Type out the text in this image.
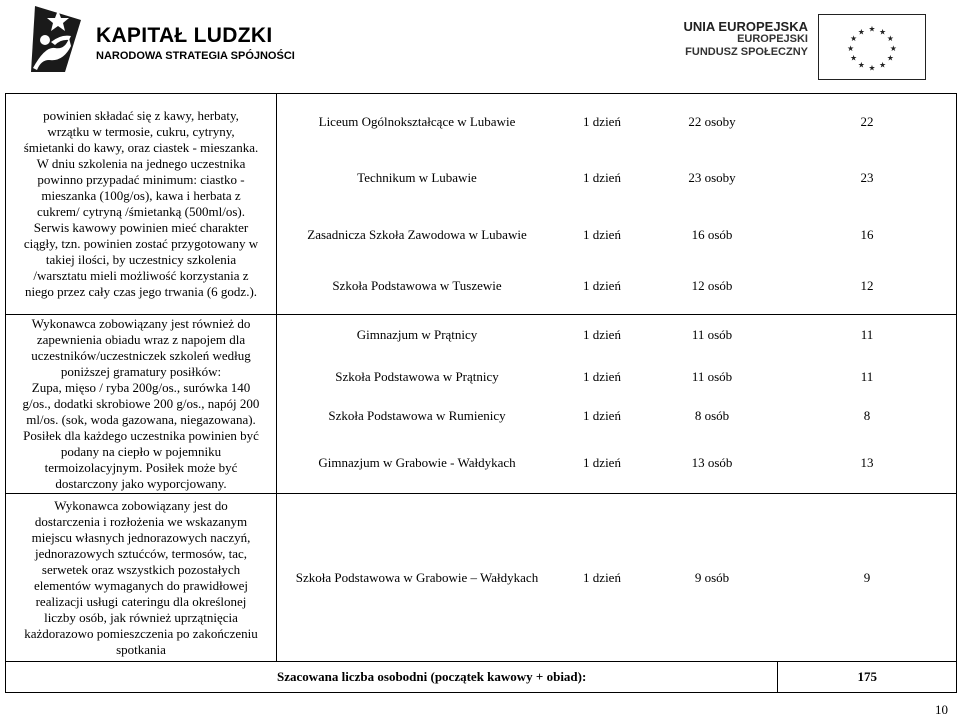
KAPITAŁ LUDZKI
NARODOWA STRATEGIA SPÓJNOŚCI
UNIA EUROPEJSKA
EUROPEJSKI
FUNDUSZ SPOŁECZNY
★ ★
★
★
★
★
★
★
★
★
★
★
powinien składać się z kawy, herbaty,
wrzątku w termosie, cukru, cytryny,
śmietanki do kawy, oraz ciastek - mieszanka.
W dniu szkolenia na jednego uczestnika
powinno przypadać minimum: ciastko -
mieszanka (100g/os), kawa i herbata z
cukrem/ cytryną /śmietanką (500ml/os).
Serwis kawowy powinien mieć charakter
ciągły, tzn. powinien zostać przygotowany w
takiej ilości, by uczestnicy szkolenia
/warsztatu mieli możliwość korzystania z
niego przez cały czas jego trwania (6 godz.).

Liceum Ogólnokształcące w Lubawie	1 dzień	22 osoby	22
Technikum w Lubawie	1 dzień	23 osoby	23
Zasadnicza Szkoła Zawodowa w Lubawie	1 dzień	16 osób	16
Szkoła Podstawowa w Tuszewie	1 dzień	12 osób	12

Wykonawca zobowiązany jest również do
zapewnienia obiadu wraz z napojem dla
uczestników/uczestniczek szkoleń według
poniższej gramatury posiłków:
Zupa, mięso / ryba 200g/os., surówka 140
g/os., dodatki skrobiowe 200 g/os., napój 200
ml/os. (sok, woda gazowana, niegazowana).
Posiłek dla każdego uczestnika powinien być
podany na ciepło w pojemniku
termoizolacyjnym. Posiłek może być
dostarczony jako wyporcjowany.

Gimnazjum w Prątnicy	1 dzień	11 osób	11
Szkoła Podstawowa w Prątnicy	1 dzień	11 osób	11
Szkoła Podstawowa w Rumienicy	1 dzień	8 osób	8
Gimnazjum w Grabowie - Wałdykach	1 dzień	13 osób	13

Wykonawca zobowiązany jest do
dostarczenia i rozłożenia we wskazanym
miejscu własnych jednorazowych naczyń,
jednorazowych sztućców, termosów, tac,
serwetek oraz wszystkich pozostałych
elementów wymaganych do prawidłowej
realizacji usługi cateringu dla określonej
liczby osób, jak również uprzątnięcia
każdorazowo pomieszczenia po zakończeniu
spotkania

Szkoła Podstawowa w Grabowie – Wałdykach	1 dzień	9 osób	9

	Szacowana liczba osobodni (początek kawowy + obiad):	175
10
